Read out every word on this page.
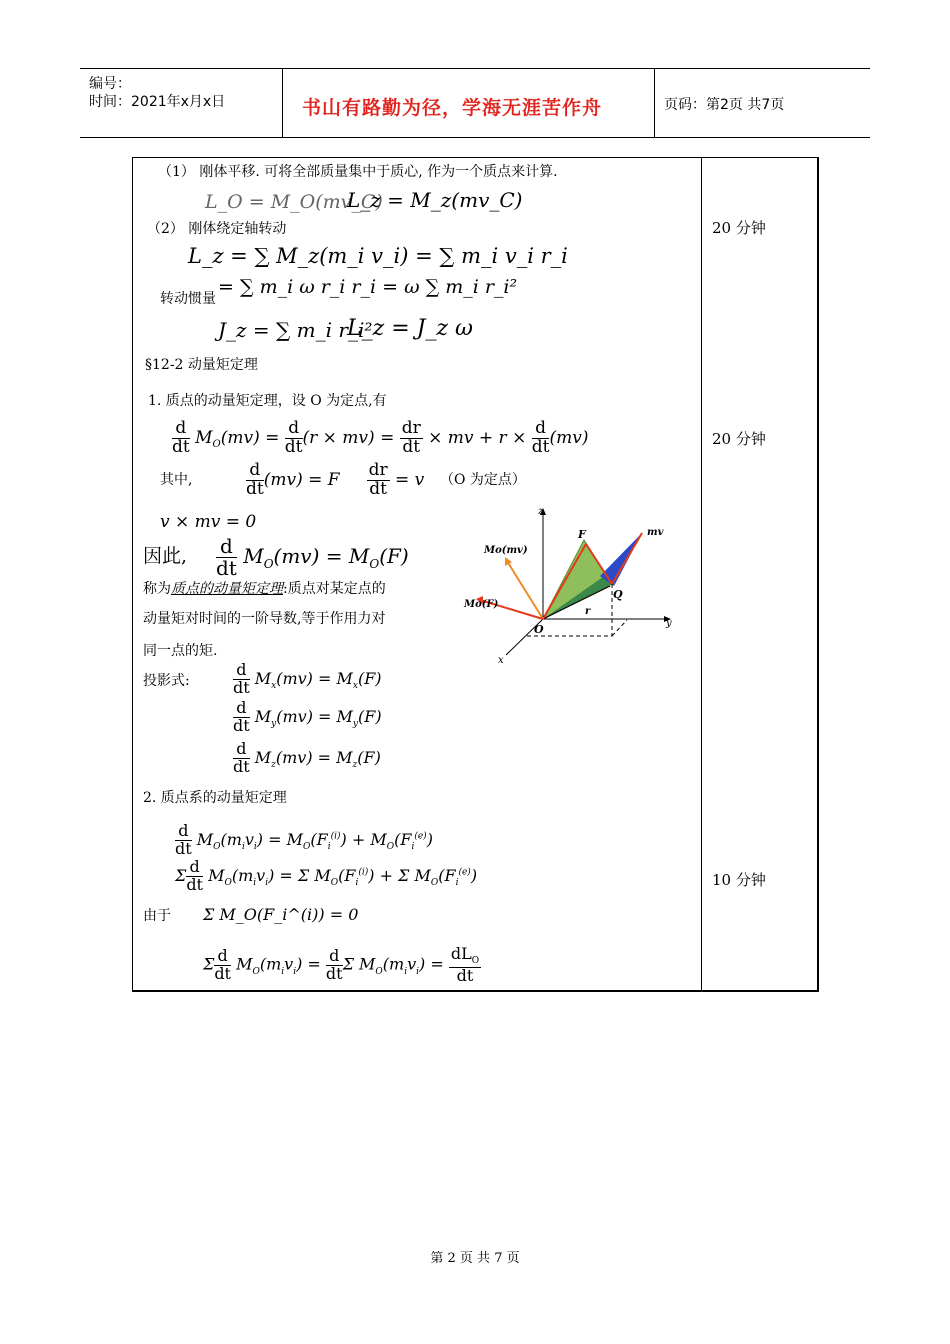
编号：
时间：2021年x月x日	书山有路勤为径，学海无涯苦作舟	页码：第2页 共7页
（1） 刚体平移. 可将全部质量集中于质心, 作为一个质点来计算.
L_O = M_O(mv_C)
L_z = M_z(mv_C)
（2） 刚体绕定轴转动
L_z = ∑ M_z(m_i v_i) = ∑ m_i v_i r_i
转动惯量
= ∑ m_i ω r_i r_i = ω ∑ m_i r_i²
J_z = ∑ m_i r_i²
L_z = J_z ω
§12-2 动量矩定理
1. 质点的动量矩定理，设 O 为定点,有
$\frac{d}{dt} M_O(mv) = \frac{d}{dt} (r \times mv) = \frac{dr}{dt}$ × mv + $r \times \frac{d}{dt} (mv)$
其中,	$\frac{d}{dt} (mv) = F \frac{dr}{dt} = v$ （O 为定点）
v × mv = 0
因此, $\frac{d}{dt} M_O(mv) = M_O(F)$
称为质点的动量矩定理:质点对某定点的
动量矩对时间的一阶导数,等于作用力对
同一点的矩.
投影式:	$\frac{d}{dt} M_x(mv) = M_x(F)$
$\frac{d}{dt} M_y(mv) = M_y(F)$
$\frac{d}{dt} M_z(mv) = M_z(F)$
2. 质点系的动量矩定理
$\frac{d}{dt} M_O(m_iv_i) = M_O(F_i^{(i)}) + M_O(F_i^{(e)})$
Σ $\frac{d}{dt} M_O(m_iv_i) = \Sigma$ $M_O(F_i^{(i)}) + \Sigma$ $M_O(F_i^{(e)})$
由于 Σ M_O(F_i^(i)) = 0
Σ $\frac{d}{dt} M_O(m_iv_i) = \frac{d}{dt}$ Σ $M_O(m_iv_i) = \frac{dL_O}{dt}$
z
y
x
O
Q
F	mv
r
Mo(mv)
Mo(F)
20 分钟
20 分钟
10 分钟
第 2 页 共 7 页
